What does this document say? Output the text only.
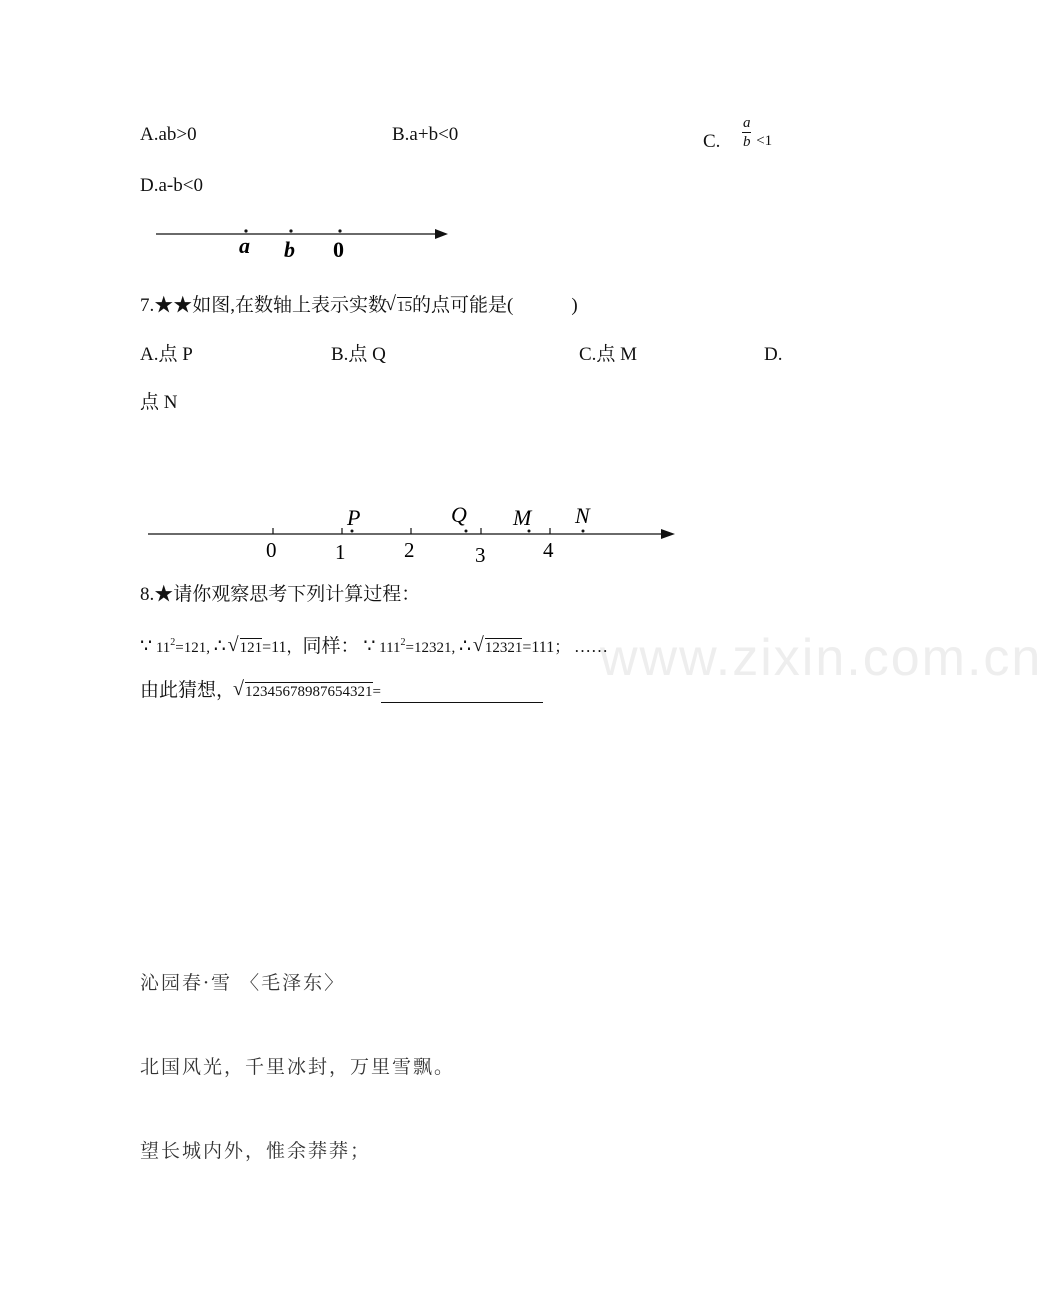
www.zixin.com.cn
A.ab>0	B.a+b<0	C. $\frac{a}{b} <1$
D.a-b<0
a b 0
7.★★如图,在数轴上表示实数 √ 15的点可能是(	)
A.点 P	B.点 Q	C.点 M	D.
点 N
0	1	2	3	4
P	Q M N
8.★请你观察思考下列计算过程：
∵ $11^2=121$, ∴ √ 121=11，同样： ∵ $111^2=12321$, ∴ √ 12321=111； ……
由此猜想， √ 12345678987654321=
沁园春·雪 〈毛泽东〉
北国风光，千里冰封，万里雪飘。
望长城内外，惟余莽莽；
